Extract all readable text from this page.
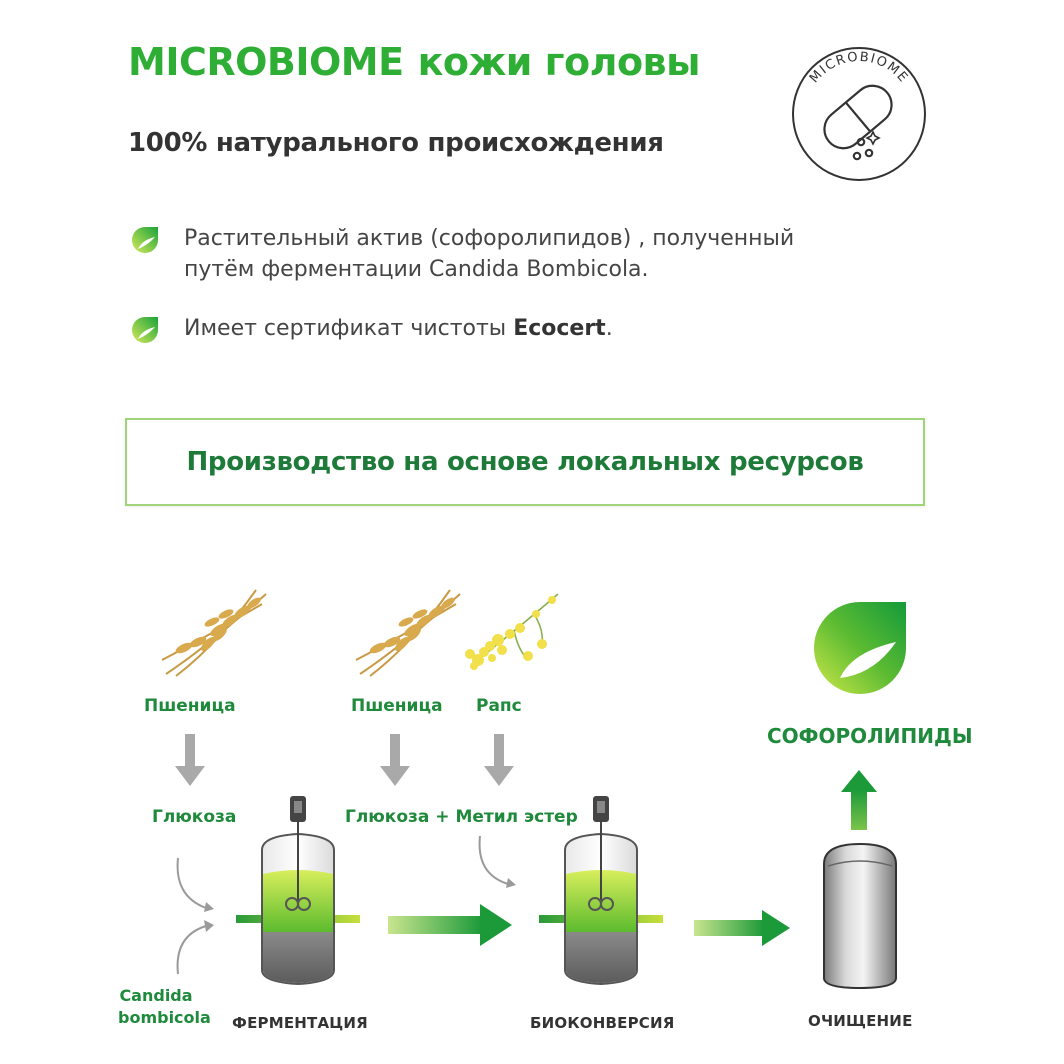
MICROBIOME кожи головы
100% натурального происхождения
MICROBIOME
Растительный актив (софоролипидов) , полученный
путём ферментации Candida Bombicola.
Имеет сертификат чистоты Ecocert.
Производство на основе локальных ресурсов
Пшеница	Пшеница Рапс
Глюкоза	Глюкоза + Метил эстер
Candida
bombicola
СОФОРОЛИПИДЫ
ФЕРМЕНТАЦИЯ	БИОКОНВЕРСИЯ	ОЧИЩЕНИЕ
